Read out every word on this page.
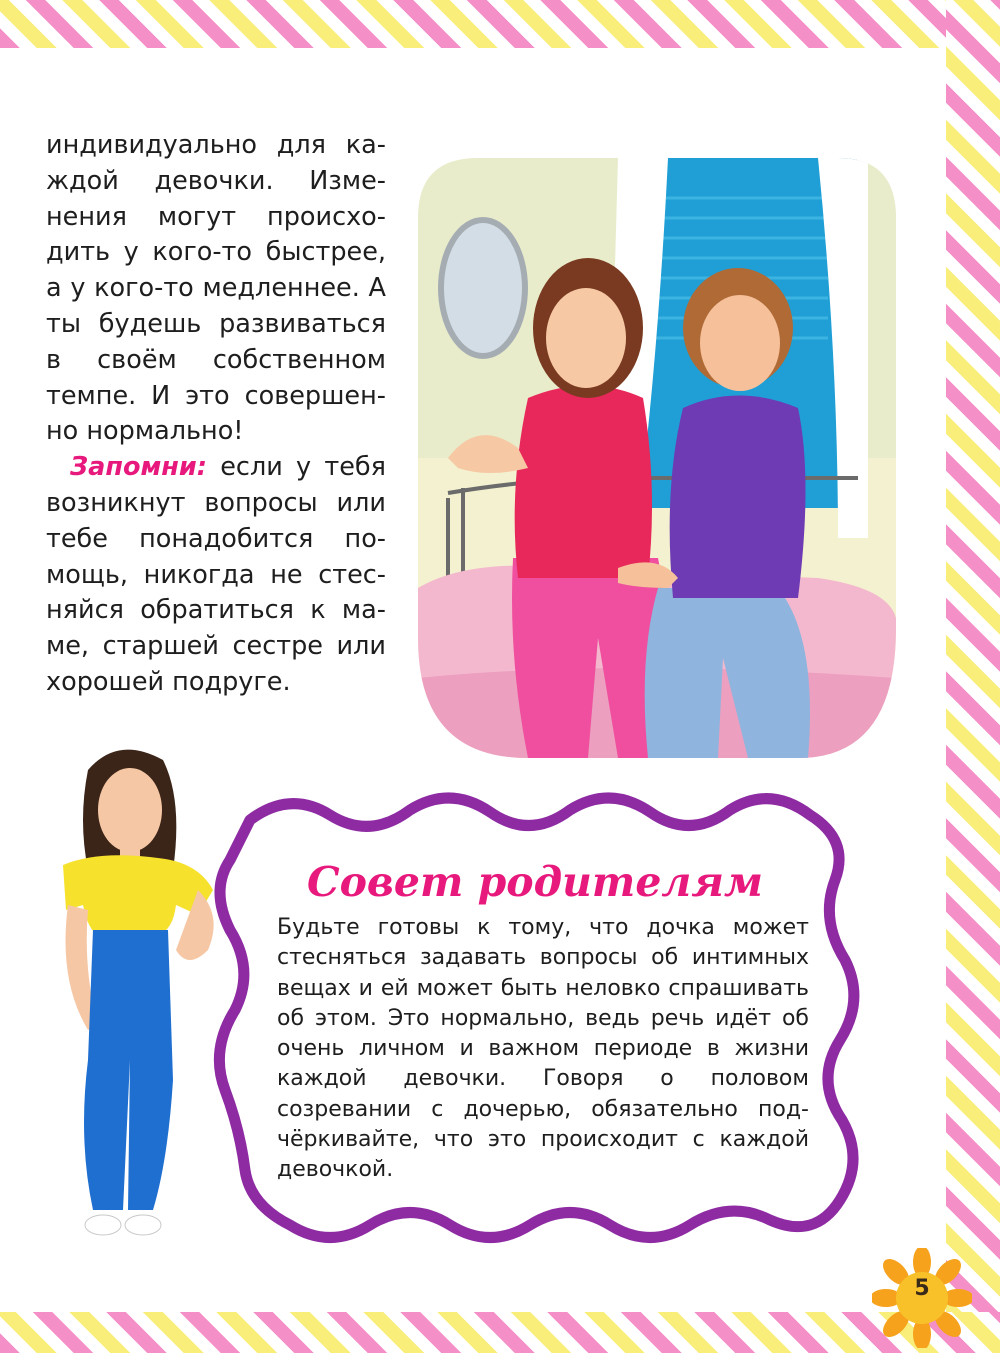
индивидуально для каждой девочки. Изменения могут происходить у кого-то быстрее, а у кого-то медленнее. А ты будешь развиваться в своём собственном темпе. И это совершенно нормально!

Запомни: если у тебя возникнут вопросы или тебе понадобится помощь, никогда не стесняйся обратиться к маме, старшей сестре или хорошей подруге.

Совет родителям

Будьте готовы к тому, что дочка может стесняться задавать вопросы об интимных вещах и ей может быть неловко спрашивать об этом. Это нормально, ведь речь идёт об очень личном и важном периоде в жизни каждой девочки. Говоря о половом созревании с дочерью, обязательно подчёркивайте, что это происходит с каждой девочкой.

5
